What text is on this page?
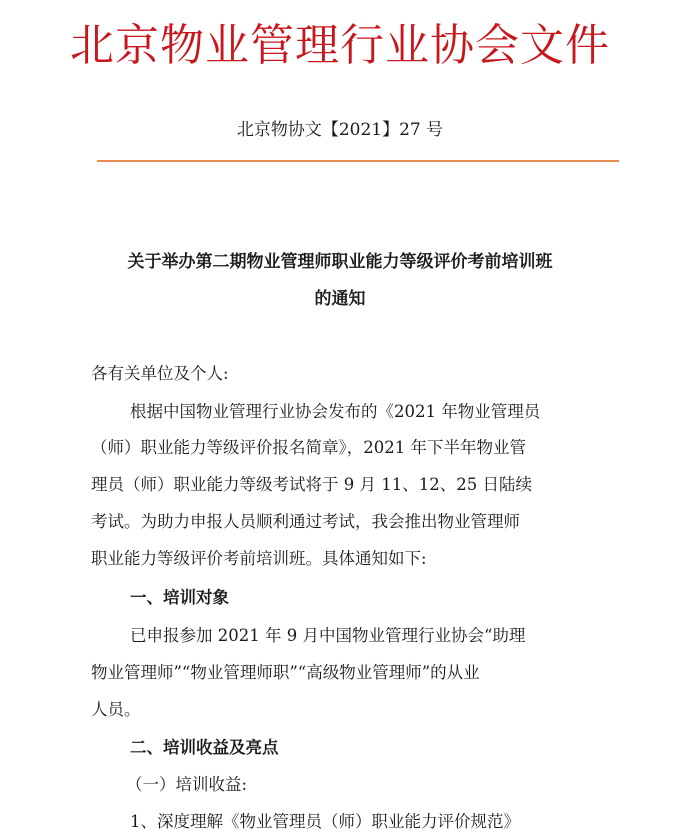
北京物业管理行业协会文件
北京物协文【2021】27 号
关于举办第二期物业管理师职业能力等级评价考前培训班
的通知
各有关单位及个人:
根据中国物业管理行业协会发布的《2021 年物业管理员
（师）职业能力等级评价报名简章》，2021 年下半年物业管
理员（师）职业能力等级考试将于 9 月 11、12、25 日陆续
考试。为助力申报人员顺利通过考试，我会推出物业管理师
职业能力等级评价考前培训班。具体通知如下:
一、培训对象
已申报参加 2021 年 9 月中国物业管理行业协会“助理
物业管理师”“物业管理师职”“高级物业管理师”的从业
人员。
二、培训收益及亮点
（一）培训收益:
1、深度理解《物业管理员（师）职业能力评价规范》
